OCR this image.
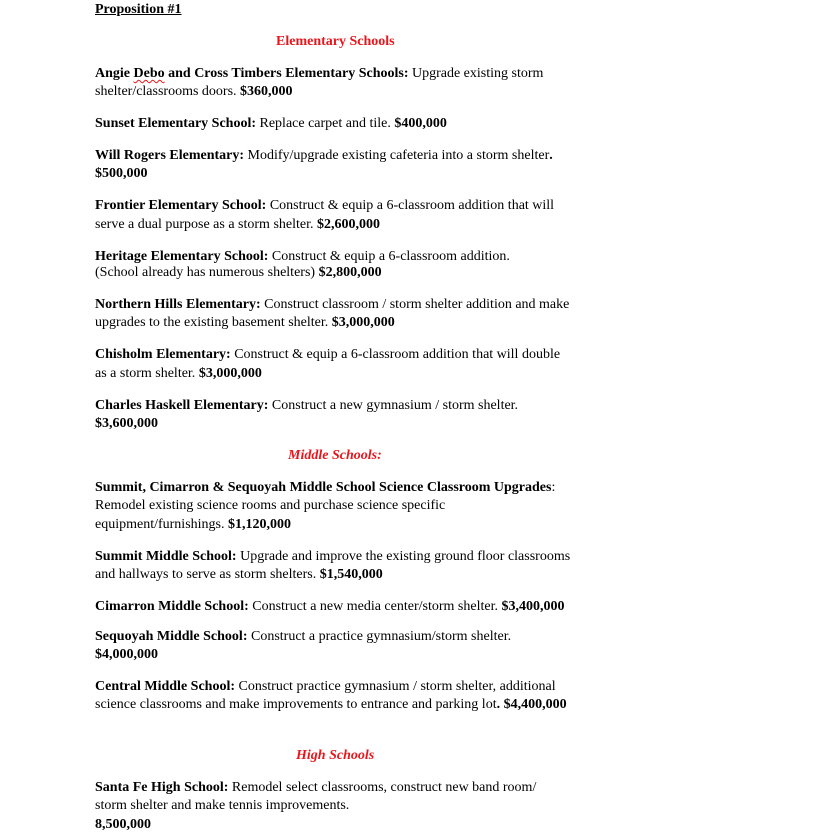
Proposition #1
Elementary Schools
Angie Debo and Cross Timbers Elementary Schools: Upgrade existing storm
shelter/classrooms doors. $360,000
Sunset Elementary School: Replace carpet and tile. $400,000
Will Rogers Elementary: Modify/upgrade existing cafeteria into a storm shelter.
$500,000
Frontier Elementary School: Construct & equip a 6-classroom addition that will
serve a dual purpose as a storm shelter. $2,600,000
Heritage Elementary School: Construct & equip a 6-classroom addition.
(School already has numerous shelters) $2,800,000
Northern Hills Elementary: Construct classroom / storm shelter addition and make
upgrades to the existing basement shelter. $3,000,000
Chisholm Elementary: Construct & equip a 6-classroom addition that will double
as a storm shelter. $3,000,000
Charles Haskell Elementary: Construct a new gymnasium / storm shelter.
$3,600,000
Middle Schools:
Summit, Cimarron & Sequoyah Middle School Science Classroom Upgrades:
Remodel existing science rooms and purchase science specific
equipment/furnishings. $1,120,000
Summit Middle School: Upgrade and improve the existing ground floor classrooms
and hallways to serve as storm shelters. $1,540,000
Cimarron Middle School: Construct a new media center/storm shelter. $3,400,000
Sequoyah Middle School: Construct a practice gymnasium/storm shelter.
$4,000,000
Central Middle School: Construct practice gymnasium / storm shelter, additional
science classrooms and make improvements to entrance and parking lot. $4,400,000
High Schools
Santa Fe High School: Remodel select classrooms, construct new band room/
storm shelter and make tennis improvements.
8,500,000
